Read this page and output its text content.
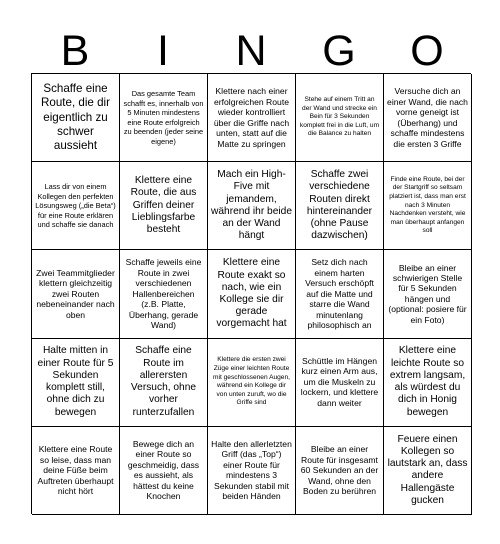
B	I	N	G	O
Schaffe eine Route, die dir eigentlich zu schwer aussieht
Das gesamte Team schafft es, innerhalb von 5 Minuten mindestens eine Route erfolgreich zu beenden (jeder seine eigene)
Klettere nach einer erfolgreichen Route wieder kontrolliert über die Griffe nach unten, statt auf die Matte zu springen
Stehe auf einem Tritt an der Wand und strecke ein Bein für 3 Sekunden komplett frei in die Luft, um die Balance zu halten
Versuche dich an einer Wand, die nach vorne geneigt ist (Überhang) und schaffe mindestens die ersten 3 Griffe
Lass dir von einem Kollegen den perfekten Lösungsweg („die Beta“) für eine Route erklären und schaffe sie danach
Klettere eine Route, die aus Griffen deiner Lieblingsfarbe besteht
Mach ein High-Five mit jemandem, während ihr beide an der Wand hängt
Schaffe zwei verschiedene Routen direkt hintereinander (ohne Pause dazwischen)
Finde eine Route, bei der der Startgriff so seltsam platziert ist, dass man erst nach 3 Minuten Nachdenken versteht, wie man überhaupt anfangen soll
Zwei Teammitglieder klettern gleichzeitig zwei Routen nebeneinander nach oben
Schaffe jeweils eine Route in zwei verschiedenen Hallenbereichen (z.B. Platte, Überhang, gerade Wand)
Klettere eine Route exakt so nach, wie ein Kollege sie dir gerade vorgemacht hat
Setz dich nach einem harten Versuch erschöpft auf die Matte und starre die Wand minutenlang philosophisch an
Bleibe an einer schwierigen Stelle für 5 Sekunden hängen und (optional: posiere für ein Foto)
Halte mitten in einer Route für 5 Sekunden komplett still, ohne dich zu bewegen
Schaffe eine Route im allerersten Versuch, ohne vorher runterzufallen
Klettere die ersten zwei Züge einer leichten Route mit geschlossenen Augen, während ein Kollege dir von unten zuruft, wo die Griffe sind
Schüttle im Hängen kurz einen Arm aus, um die Muskeln zu lockern, und klettere dann weiter
Klettere eine leichte Route so extrem langsam, als würdest du dich in Honig bewegen
Klettere eine Route so leise, dass man deine Füße beim Auftreten überhaupt nicht hört
Bewege dich an einer Route so geschmeidig, dass es aussieht, als hättest du keine Knochen
Halte den allerletzten Griff (das „Top“) einer Route für mindestens 3 Sekunden stabil mit beiden Händen
Bleibe an einer Route für insgesamt 60 Sekunden an der Wand, ohne den Boden zu berühren
Feuere einen Kollegen so lautstark an, dass andere Hallengäste gucken
